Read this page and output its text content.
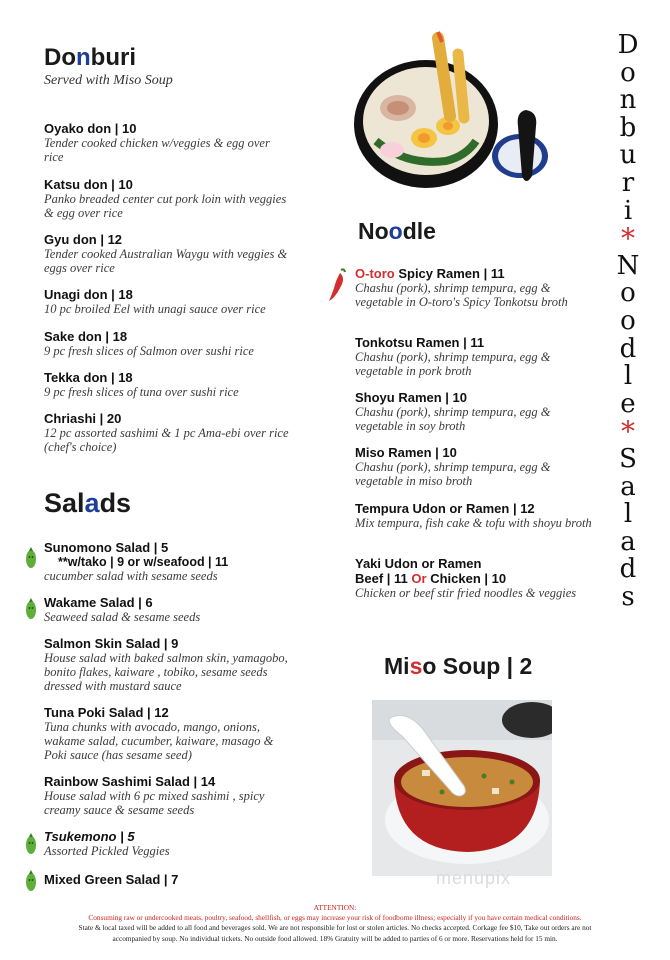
Donburi
Served with Miso Soup
Oyako don | 10
Tender cooked chicken w/veggies & egg over rice
Katsu don | 10
Panko breaded center cut pork loin with veggies & egg over rice
Gyu don | 12
Tender cooked Australian Waygu with veggies & eggs over rice
Unagi don | 18
10 pc broiled Eel with unagi sauce over rice
Sake don | 18
9 pc fresh slices of Salmon over sushi rice
Tekka don | 18
9 pc fresh slices of tuna over sushi rice
Chriashi | 20
12 pc assorted sashimi & 1 pc Ama-ebi over rice (chef's choice)
Salads
Sunomono Salad | 5
**w/tako | 9 or w/seafood | 11
cucumber salad with sesame seeds
Wakame Salad | 6
Seaweed salad & sesame seeds
Salmon Skin Salad | 9
House salad with baked salmon skin, yamagobo, bonito flakes, kaiware , tobiko, sesame seeds dressed with mustard sauce
Tuna Poki Salad | 12
Tuna chunks with avocado, mango, onions, wakame salad, cucumber, kaiware, masago & Poki sauce (has sesame seed)
Rainbow Sashimi Salad | 14
House salad with 6 pc mixed sashimi , spicy creamy sauce & sesame seeds
Tsukemono | 5
Assorted Pickled Veggies
Mixed Green Salad | 7
Noodle
O-toro Spicy Ramen | 11
Chashu (pork), shrimp tempura, egg & vegetable in O-toro's Spicy Tonkotsu broth
Tonkotsu Ramen | 11
Chashu (pork), shrimp tempura, egg & vegetable in pork broth
Shoyu Ramen | 10
Chashu (pork), shrimp tempura, egg & vegetable in soy broth
Miso Ramen | 10
Chashu (pork), shrimp tempura, egg & vegetable in miso broth
Tempura Udon or Ramen | 12
Mix tempura, fish cake & tofu with shoyu broth
Yaki Udon or Ramen
Beef | 11 Or Chicken | 10
Chicken or beef stir fried noodles & veggies
Miso Soup | 2
menupix
D
o
n
b
u
r
i
*
N
o
o
d
l
e
*
S
a
l
a
d
s
ATTENTION:
Consuming raw or undercooked meats, poultry, seafood, shellfish, or eggs may increase your risk of foodborne illness; especially if you have certain medical conditions.
State & local taxed will be added to all food and beverages sold. We are not responsible for lost or stolen articles. No checks accepted. Corkage fee $10, Take out orders are not
accompanied by soup. No individual tickets. No outside food allowed. 18% Gratuity will be added to parties of 6 or more. Reservations held for 15 min.
